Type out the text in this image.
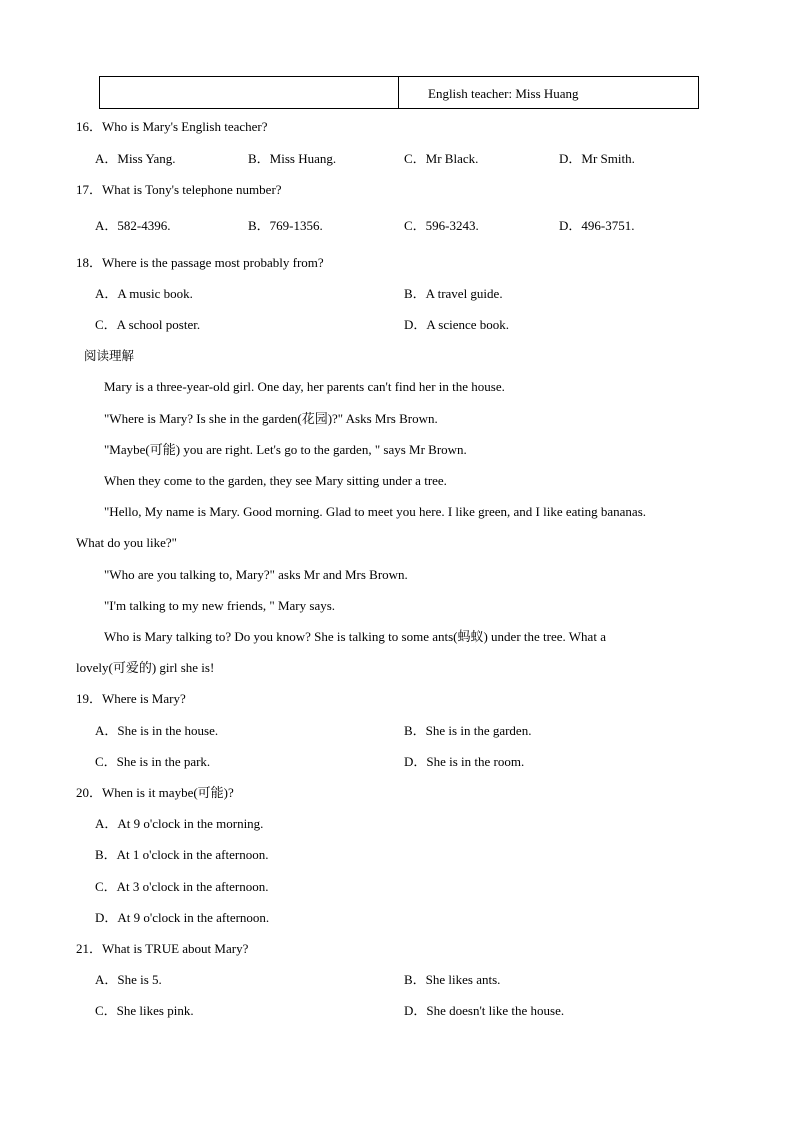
English teacher: Miss Huang
16．Who is Mary's English teacher?
A．Miss Yang.	B．Miss Huang.	C．Mr Black.	D．Mr Smith.
17．What is Tony's telephone number?
A．582-4396.	B．769-1356.	C．596-3243.	D．496-3751.
18．Where is the passage most probably from?
A．A music book.	B．A travel guide.
C．A school poster.	D．A science book.
阅读理解
Mary is a three-year-old girl. One day, her parents can't find her in the house.
"Where is Mary? Is she in the garden(花园)?" Asks Mrs Brown.
"Maybe(可能) you are right. Let's go to the garden, " says Mr Brown.
When they come to the garden, they see Mary sitting under a tree.
"Hello, My name is Mary. Good morning. Glad to meet you here. I like green, and I like eating bananas.
What do you like?"
"Who are you talking to, Mary?" asks Mr and Mrs Brown.
"I'm talking to my new friends, " Mary says.
Who is Mary talking to? Do you know? She is talking to some ants(蚂蚁) under the tree. What a
lovely(可爱的) girl she is!
19．Where is Mary?
A．She is in the house.	B．She is in the garden.
C．She is in the park.	D．She is in the room.
20．When is it maybe(可能)?
A．At 9 o'clock in the morning.
B．At 1 o'clock in the afternoon.
C．At 3 o'clock in the afternoon.
D．At 9 o'clock in the afternoon.
21．What is TRUE about Mary?
A．She is 5.	B．She likes ants.
C．She likes pink.	D．She doesn't like the house.
